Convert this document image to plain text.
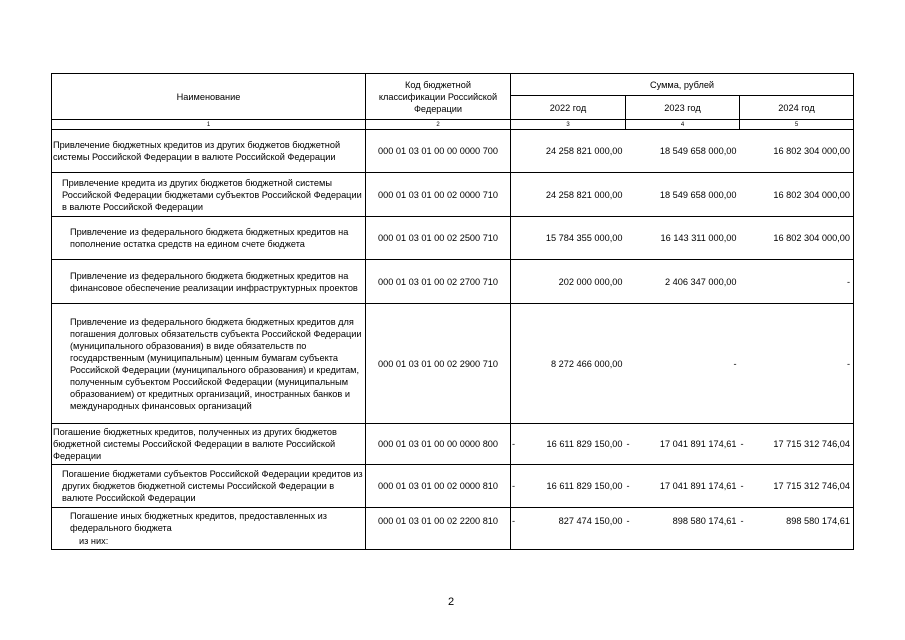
Наименование	Код бюджетной классификации Российской Федерации	Сумма, рублей		
		2022 год	2023 год	2024 год
1	2	3	4	5

Привлечение бюджетных кредитов из других бюджетов бюджетной системы Российской Федерации в валюте Российской Федерации	000 01 03 01 00 00 0000 700	24 258 821 000,00	18 549 658 000,00	16 802 304 000,00

Привлечение кредита из других бюджетов бюджетной системы Российской Федерации бюджетами субъектов Российской Федерации в валюте Российской Федерации	000 01 03 01 00 02 0000 710	24 258 821 000,00	18 549 658 000,00	16 802 304 000,00

Привлечение из федерального бюджета бюджетных кредитов на пополнение остатка средств на едином счете бюджета	000 01 03 01 00 02 2500 710	15 784 355 000,00	16 143 311 000,00	16 802 304 000,00

Привлечение из федерального бюджета бюджетных кредитов на финансовое обеспечение реализации инфраструктурных проектов	000 01 03 01 00 02 2700 710	202 000 000,00	2 406 347 000,00	-

Привлечение из федерального бюджета бюджетных кредитов для погашения долговых обязательств субъекта Российской Федерации (муниципального образования) в виде обязательств по государственным (муниципальным) ценным бумагам субъекта Российской Федерации (муниципального образования) и кредитам, полученным субъектом Российской Федерации (муниципальным образованием) от кредитных организаций, иностранных банков и международных финансовых организаций	000 01 03 01 00 02 2900 710	8 272 466 000,00	-	-

Погашение бюджетных кредитов, полученных из других бюджетов бюджетной системы Российской Федерации в валюте Российской Федерации	000 01 03 01 00 00 0000 800	- 16 611 829 150,00	- 17 041 891 174,61	- 17 715 312 746,04

Погашение бюджетами субъектов Российской Федерации кредитов из других бюджетов бюджетной системы Российской Федерации в валюте Российской Федерации	000 01 03 01 00 02 0000 810	- 16 611 829 150,00	- 17 041 891 174,61	- 17 715 312 746,04

Погашение иных бюджетных кредитов, предоставленных из федерального бюджета	000 01 03 01 00 02 2200 810	- 827 474 150,00	- 898 580 174,61	- 898 580 174,61

из них:				

2
